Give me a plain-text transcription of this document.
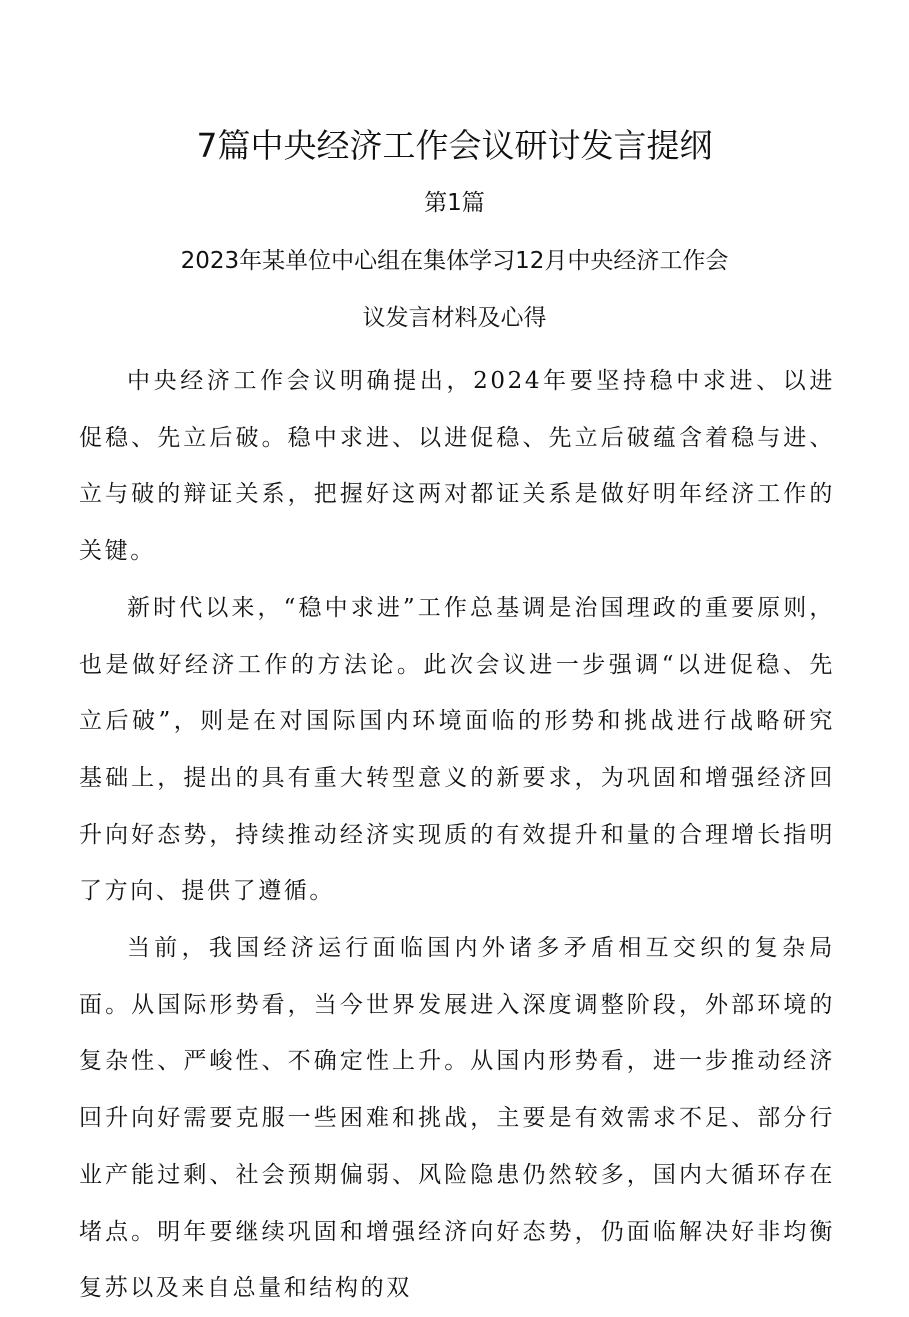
7篇中央经济工作会议研讨发言提纲
第1篇
2023年某单位中心组在集体学习12月中央经济工作会
议发言材料及心得

中央经济工作会议明确提出，2024年要坚持稳中求进、以进促稳、先立后破。稳中求进、以进促稳、先立后破蕴含着稳与进、立与破的辩证关系，把握好这两对都证关系是做好明年经济工作的关键。

新时代以来，“稳中求进”工作总基调是治国理政的重要原则，也是做好经济工作的方法论。此次会议进一步强调“以进促稳、先立后破”，则是在对国际国内环境面临的形势和挑战进行战略研究基础上，提出的具有重大转型意义的新要求，为巩固和增强经济回升向好态势，持续推动经济实现质的有效提升和量的合理增长指明了方向、提供了遵循。

当前，我国经济运行面临国内外诸多矛盾相互交织的复杂局面。从国际形势看，当今世界发展进入深度调整阶段，外部环境的复杂性、严峻性、不确定性上升。从国内形势看，进一步推动经济回升向好需要克服一些困难和挑战，主要是有效需求不足、部分行业产能过剩、社会预期偏弱、风险隐患仍然较多，国内大循环存在堵点。明年要继续巩固和增强经济向好态势，仍面临解决好非均衡复苏以及来自总量和结构的双
